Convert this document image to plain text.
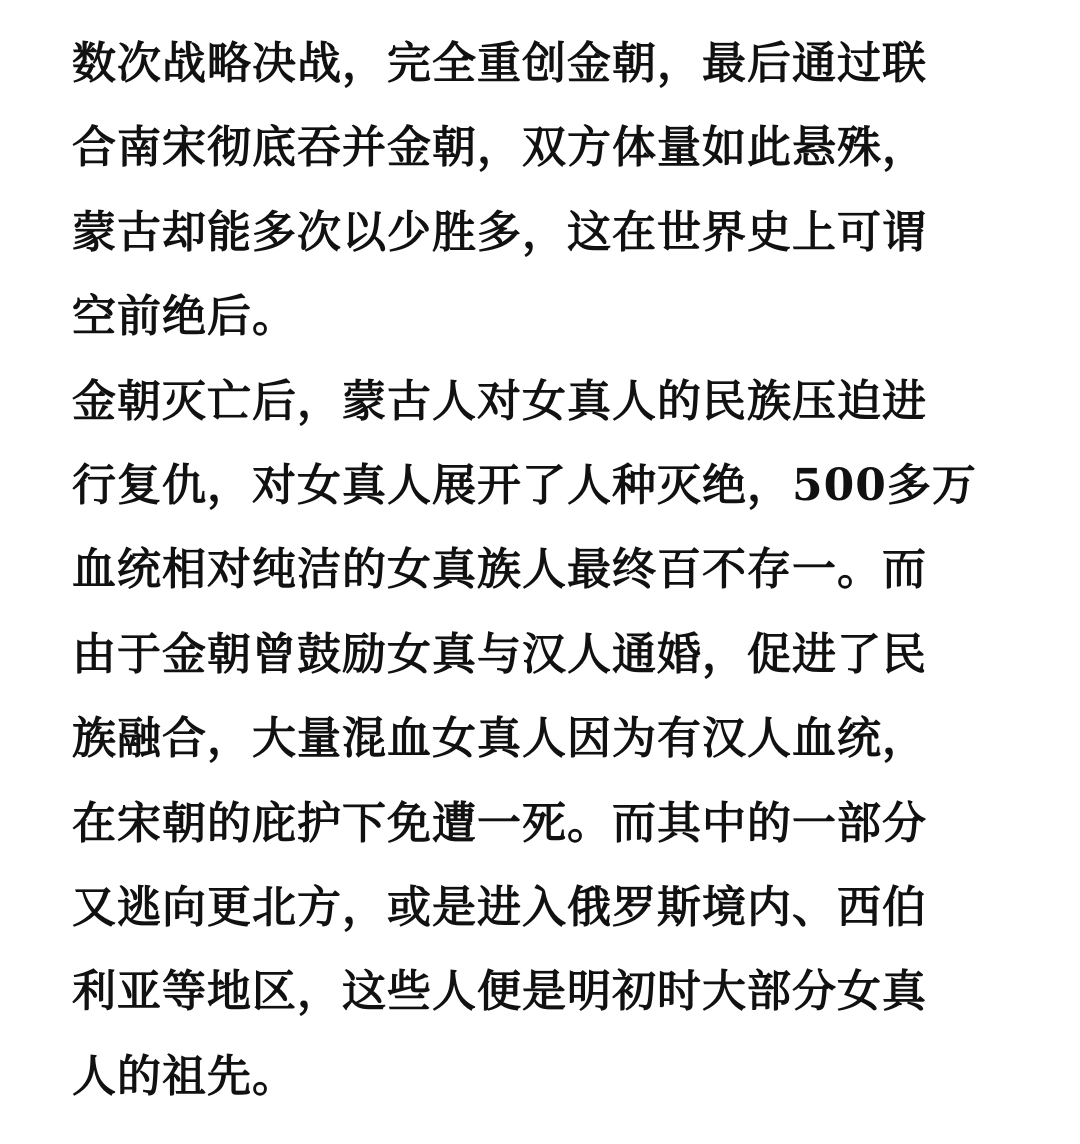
数次战略决战，完全重创金朝，最后通过联
合南宋彻底吞并金朝，双方体量如此悬殊，
蒙古却能多次以少胜多，这在世界史上可谓
空前绝后。
金朝灭亡后，蒙古人对女真人的民族压迫进
行复仇，对女真人展开了人种灭绝，500多万
血统相对纯洁的女真族人最终百不存一。而
由于金朝曾鼓励女真与汉人通婚，促进了民
族融合，大量混血女真人因为有汉人血统，
在宋朝的庇护下免遭一死。而其中的一部分
又逃向更北方，或是进入俄罗斯境内、西伯
利亚等地区，这些人便是明初时大部分女真
人的祖先。
